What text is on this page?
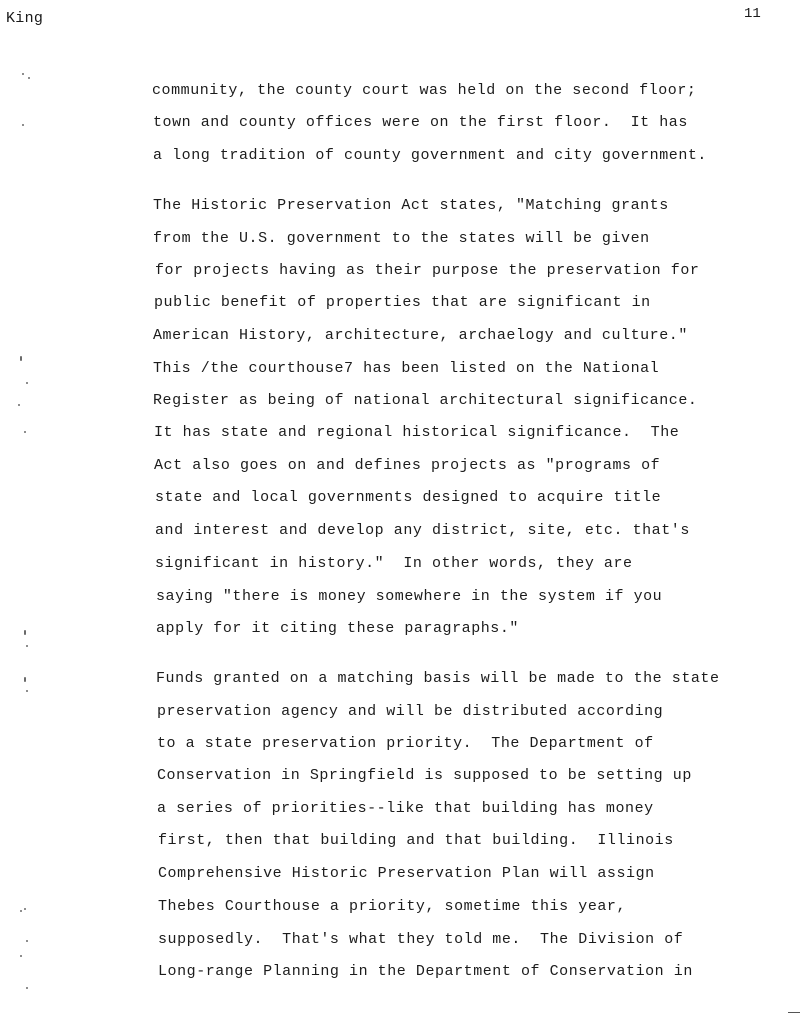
King	11
community, the county court was held on the second floor;
town and county offices were on the first floor.  It has
a long tradition of county government and city government.
The Historic Preservation Act states, "Matching grants
from the U.S. government to the states will be given
for projects having as their purpose the preservation for
public benefit of properties that are significant in
American History, architecture, archaelogy and culture."
This /the courthouse7 has been listed on the National
Register as being of national architectural significance.
It has state and regional historical significance.  The
Act also goes on and defines projects as "programs of
state and local governments designed to acquire title
and interest and develop any district, site, etc. that's
significant in history."  In other words, they are
saying "there is money somewhere in the system if you
apply for it citing these paragraphs."
Funds granted on a matching basis will be made to the state
preservation agency and will be distributed according
to a state preservation priority.  The Department of
Conservation in Springfield is supposed to be setting up
a series of priorities--like that building has money
first, then that building and that building.  Illinois
Comprehensive Historic Preservation Plan will assign
Thebes Courthouse a priority, sometime this year,
supposedly.  That's what they told me.  The Division of
Long-range Planning in the Department of Conservation in
